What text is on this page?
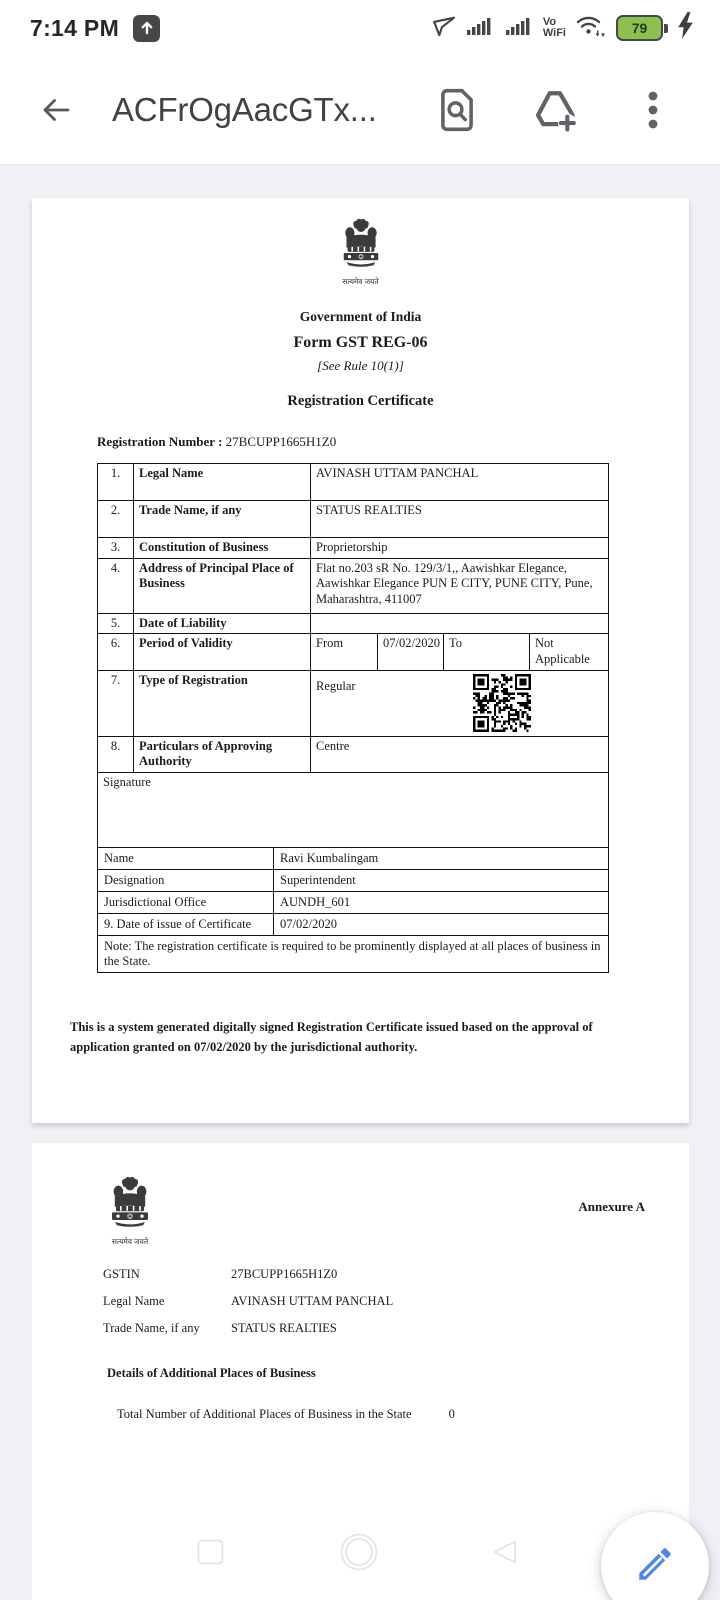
7:14 PM	Vo
WiFi	79
ACFrOgAacGTx...
सत्यमेव जयते
Government of India
Form GST REG-06
[See Rule 10(1)]
Registration Certificate
Registration Number : 27BCUPP1665H1Z0
1.	Legal Name	AVINASH UTTAM PANCHAL			
2.	Trade Name, if any	STATUS REALTIES			
3.	Constitution of Business	Proprietorship			
4.	Address of Principal Place of Business	Flat no.203 sR No. 129/3/1,, Aawishkar Elegance, Aawishkar Elegance PUN E CITY, PUNE CITY, Pune, Maharashtra, 411007			
5.	Date of Liability				
6.	Period of Validity	From	07/02/2020	To	Not Applicable
7.	Type of Registration	Regular			

8.	Particulars of Approving Authority	Centre			
Signature					
Name	Ravi Kumbalingam
Designation	Superintendent
Jurisdictional Office	AUNDH_601
9. Date of issue of Certificate	07/02/2020
Note: The registration certificate is required to be prominently displayed at all places of business in the State.	
This is a system generated digitally signed Registration Certificate issued based on the approval of application granted on 07/02/2020 by the jurisdictional authority.
सत्यमेव जयते
Annexure A
GSTIN	27BCUPP1665H1Z0
Legal Name	AVINASH UTTAM PANCHAL
Trade Name, if any	STATUS REALTIES
Details of Additional Places of Business
Total Number of Additional Places of Business in the State	0
